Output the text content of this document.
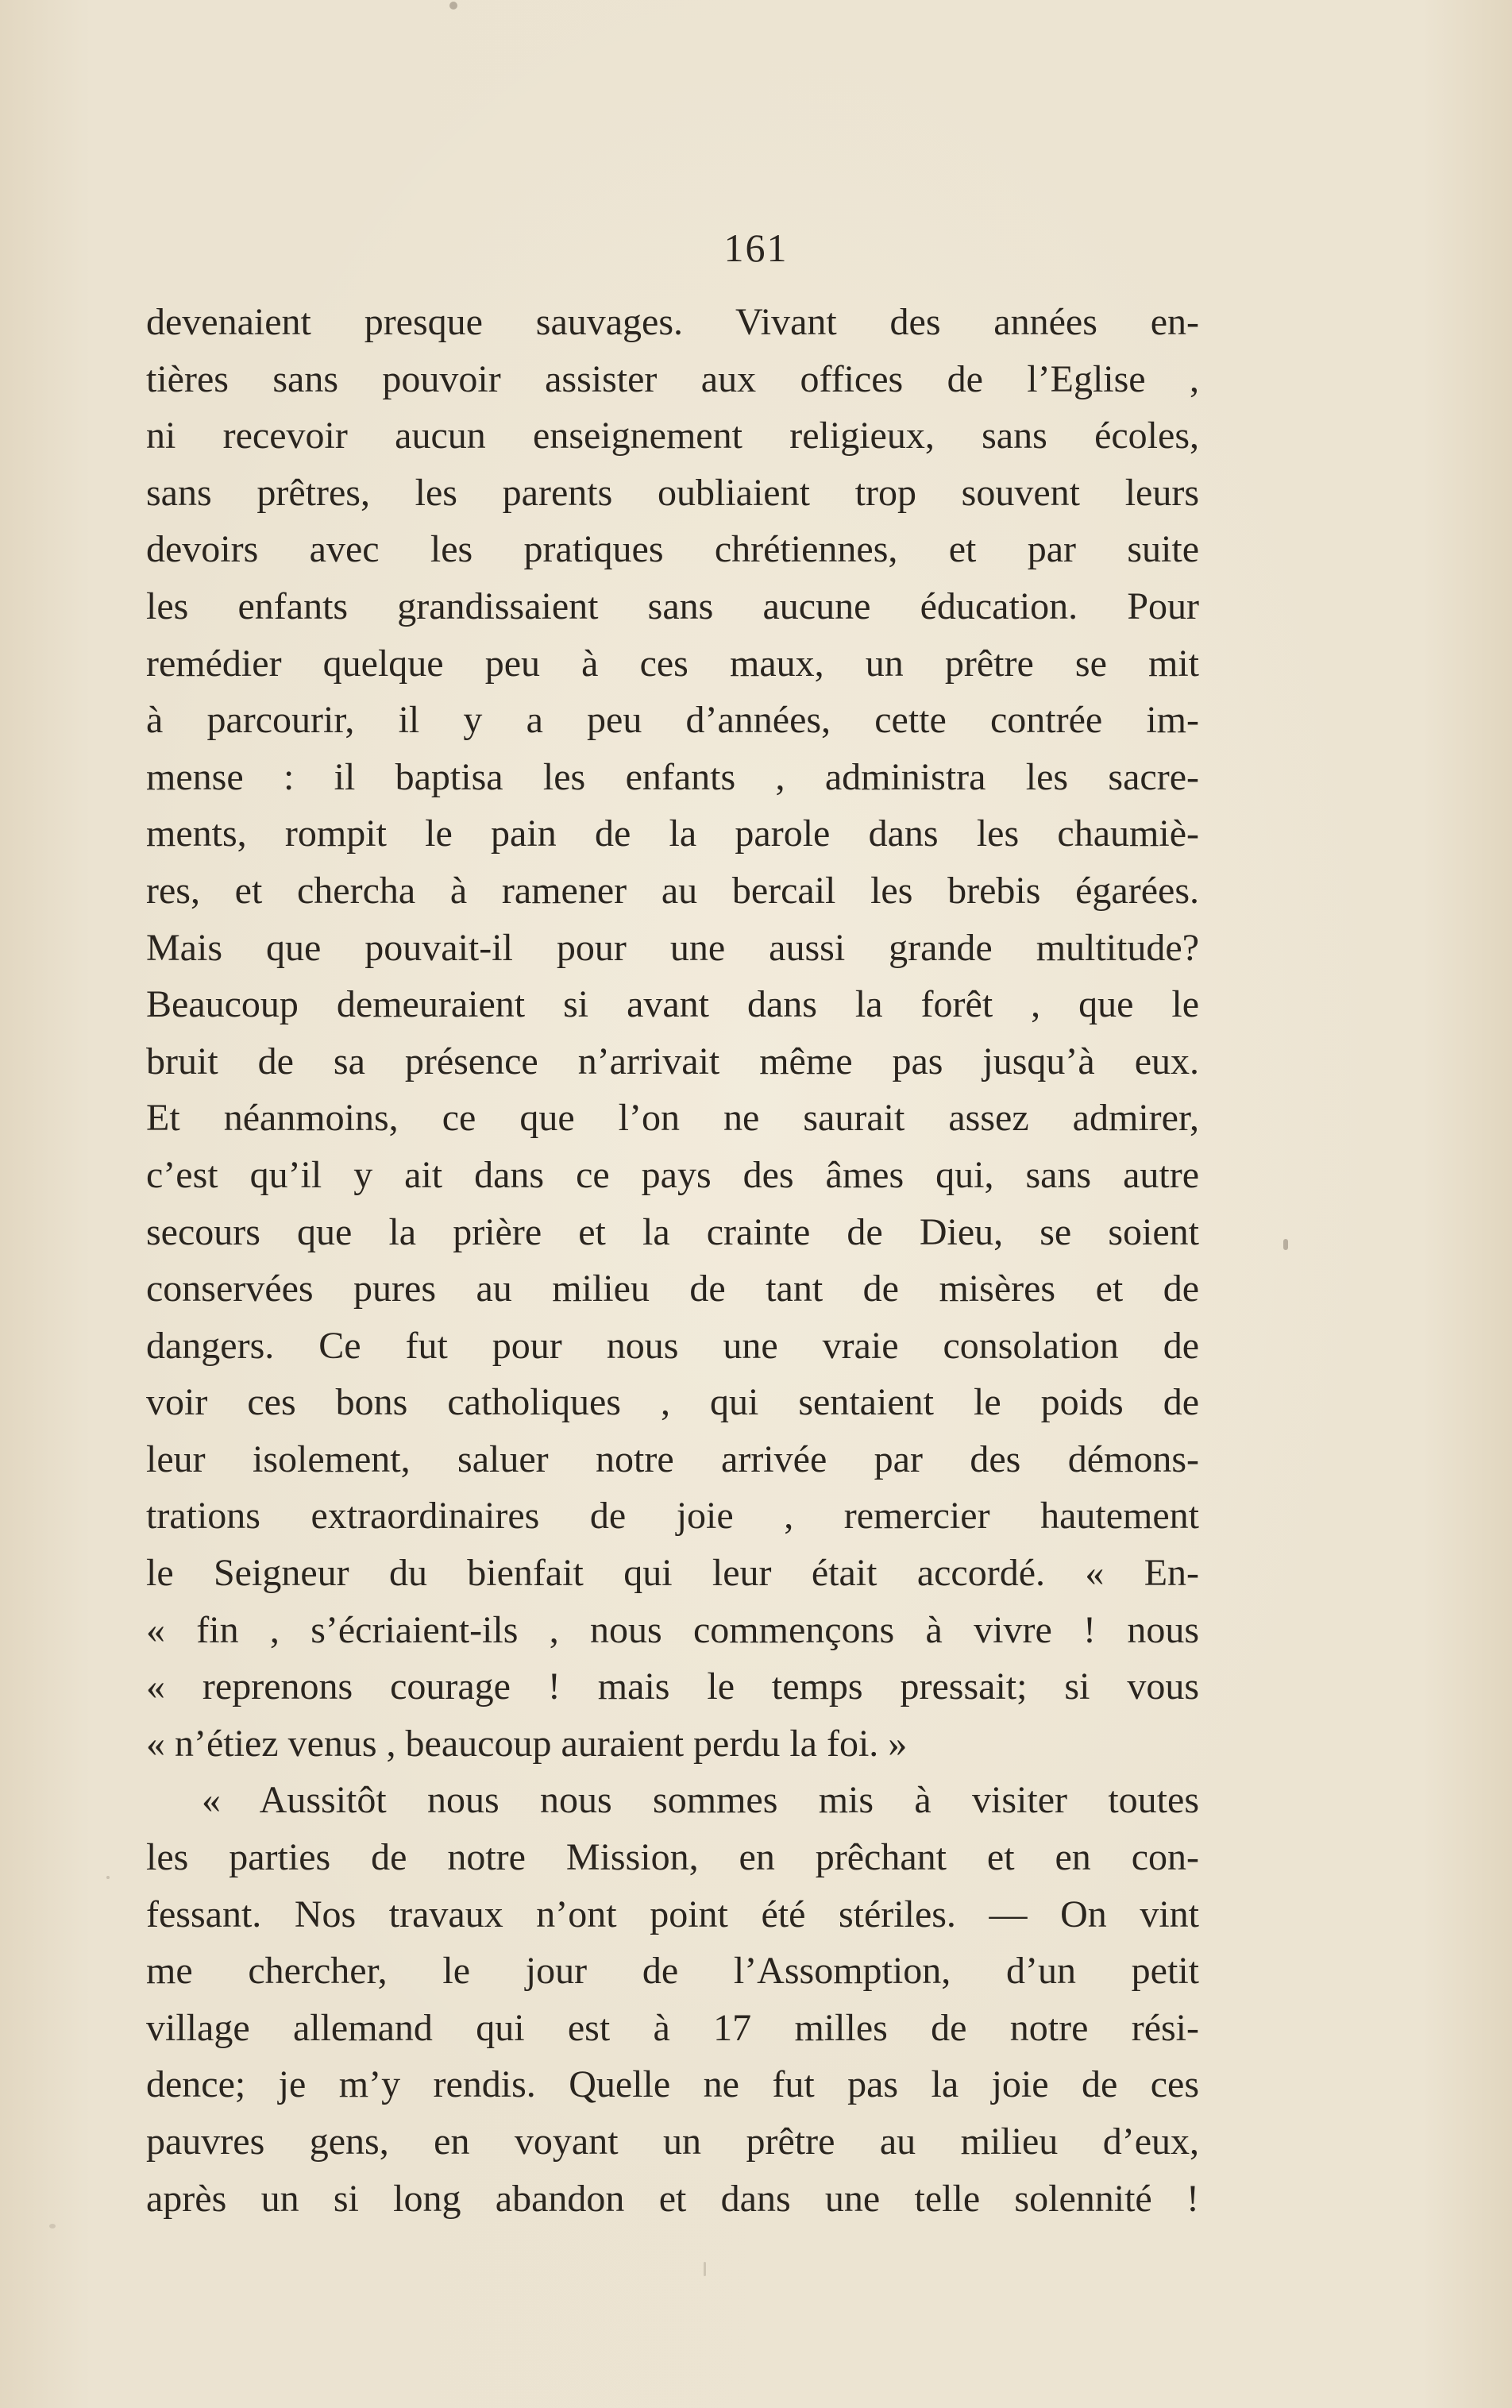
161
devenaient presque sauvages. Vivant des années en-
tières sans pouvoir assister aux offices de l’Eglise ,
ni recevoir aucun enseignement religieux, sans écoles,
sans prêtres, les parents oubliaient trop souvent leurs
devoirs avec les pratiques chrétiennes, et par suite
les enfants grandissaient sans aucune éducation. Pour
remédier quelque peu à ces maux, un prêtre se mit
à parcourir, il y a peu d’années, cette contrée im-
mense : il baptisa les enfants , administra les sacre-
ments, rompit le pain de la parole dans les chaumiè-
res, et chercha à ramener au bercail les brebis égarées.
Mais que pouvait-il pour une aussi grande multitude?
Beaucoup demeuraient si avant dans la forêt , que le
bruit de sa présence n’arrivait même pas jusqu’à eux.
Et néanmoins, ce que l’on ne saurait assez admirer,
c’est qu’il y ait dans ce pays des âmes qui, sans autre
secours que la prière et la crainte de Dieu, se soient
conservées pures au milieu de tant de misères et de
dangers. Ce fut pour nous une vraie consolation de
voir ces bons catholiques , qui sentaient le poids de
leur isolement, saluer notre arrivée par des démons-
trations extraordinaires de joie , remercier hautement
le Seigneur du bienfait qui leur était accordé. « En-
« fin , s’écriaient-ils , nous commençons à vivre ! nous
« reprenons courage ! mais le temps pressait; si vous
« n’étiez venus , beaucoup auraient perdu la foi. »
« Aussitôt nous nous sommes mis à visiter toutes
les parties de notre Mission, en prêchant et en con-
fessant. Nos travaux n’ont point été stériles. — On vint
me chercher, le jour de l’Assomption, d’un petit
village allemand qui est à 17 milles de notre rési-
dence; je m’y rendis. Quelle ne fut pas la joie de ces
pauvres gens, en voyant un prêtre au milieu d’eux,
après un si long abandon et dans une telle solennité !
